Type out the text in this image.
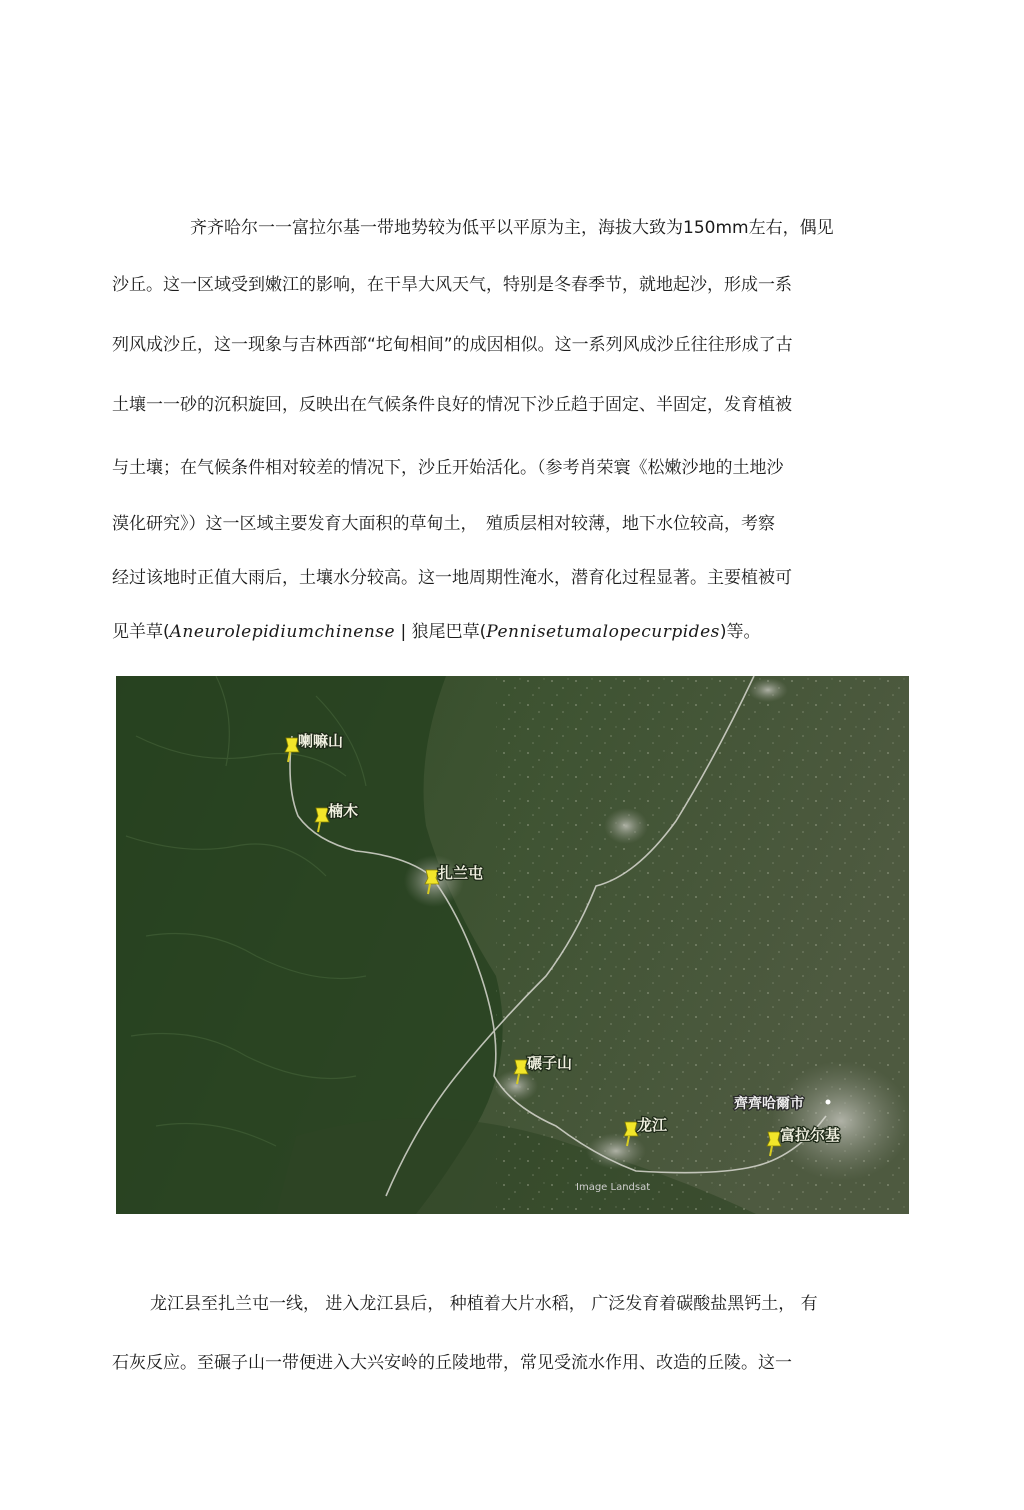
齐齐哈尔一一富拉尔基一带地势较为低平以平原为主，海拔大致为150mm左右，偶见
沙丘。这一区域受到嫩江的影响，在干旱大风天气，特别是冬春季节，就地起沙，形成一系
列风成沙丘，这一现象与吉林西部“坨甸相间”的成因相似。这一系列风成沙丘往往形成了古
土壤一一砂的沉积旋回，反映出在气候条件良好的情况下沙丘趋于固定、半固定，发育植被
与土壤；在气候条件相对较差的情况下，沙丘开始活化。（参考肖荣寰《松嫩沙地的土地沙
漠化研究》）这一区域主要发育大面积的草甸土，　殖质层相对较薄，地下水位较高，考察
经过该地时正值大雨后，土壤水分较高。这一地周期性淹水，潜育化过程显著。主要植被可
见羊草(Aneurolepidiumchinense | 狼尾巴草(Pennisetumalopecurpides)等。
喇嘛山
楠木
扎兰屯
碾子山
龙江
富拉尔基
齊齊哈爾市
Image Landsat
龙江县至扎兰屯一线， 进入龙江县后， 种植着大片水稻， 广泛发育着碳酸盐黑钙土， 有
石灰反应。至碾子山一带便进入大兴安岭的丘陵地带，常见受流水作用、改造的丘陵。这一
